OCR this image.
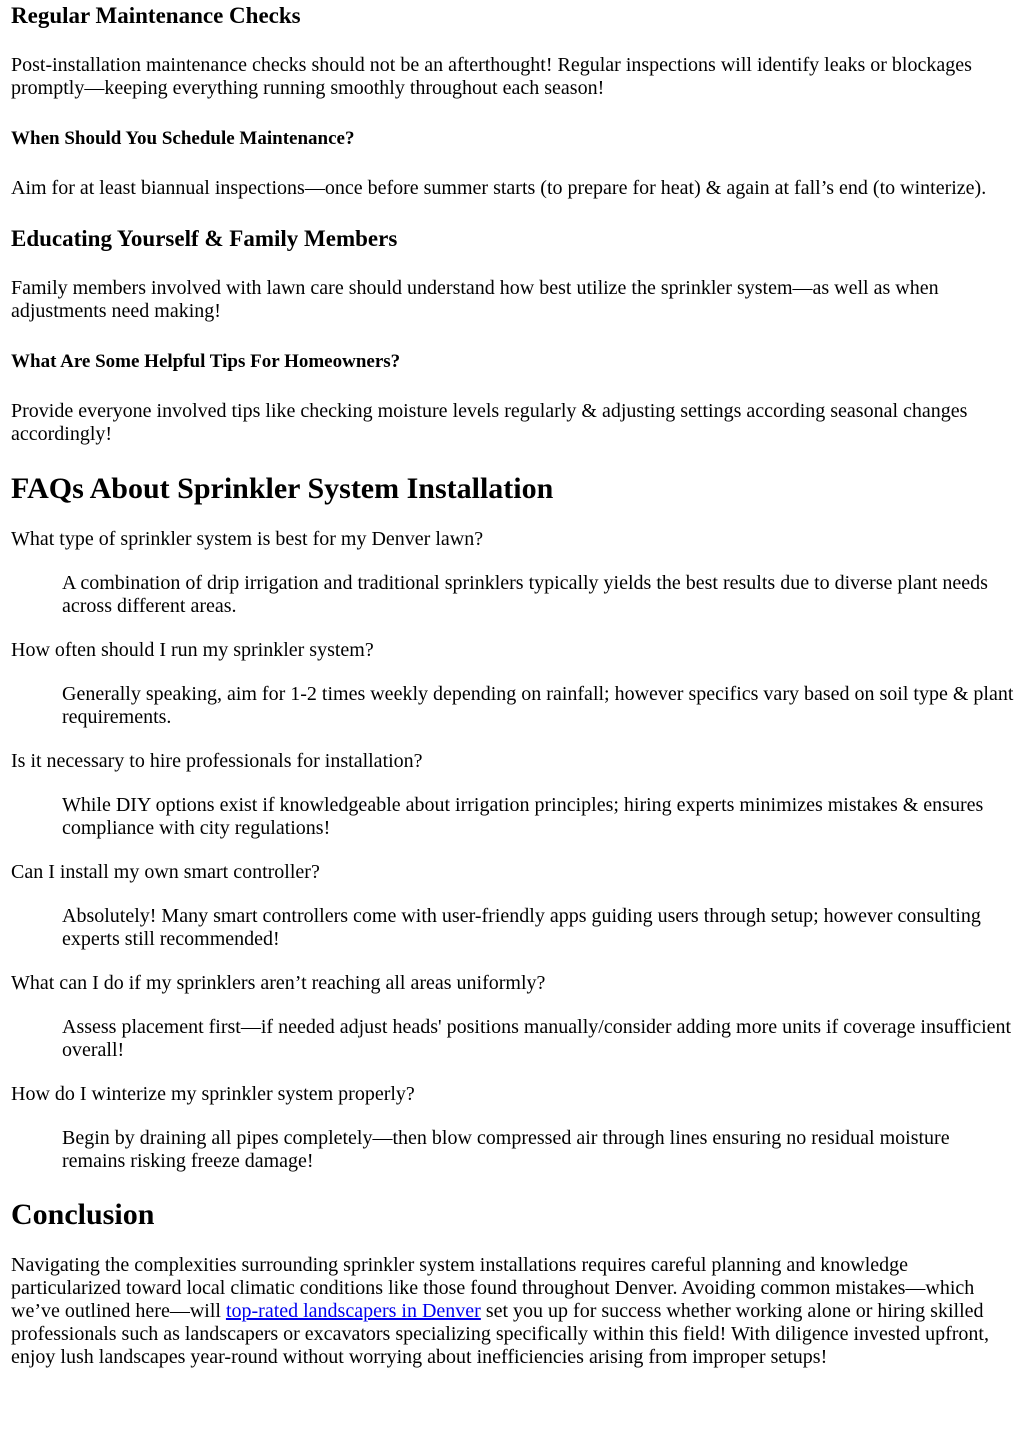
Regular Maintenance Checks

Post-installation maintenance checks should not be an afterthought! Regular inspections will identify leaks or blockages promptly—keeping everything running smoothly throughout each season!

When Should You Schedule Maintenance?

Aim for at least biannual inspections—once before summer starts (to prepare for heat) & again at fall’s end (to winterize).

Educating Yourself & Family Members

Family members involved with lawn care should understand how best utilize the sprinkler system—as well as when adjustments need making!

What Are Some Helpful Tips For Homeowners?

Provide everyone involved tips like checking moisture levels regularly & adjusting settings according seasonal changes accordingly!

FAQs About Sprinkler System Installation
What type of sprinkler system is best for my Denver lawn?
A combination of drip irrigation and traditional sprinklers typically yields the best results due to diverse plant needs across different areas.
How often should I run my sprinkler system?
Generally speaking, aim for 1-2 times weekly depending on rainfall; however specifics vary based on soil type & plant requirements.
Is it necessary to hire professionals for installation?
While DIY options exist if knowledgeable about irrigation principles; hiring experts minimizes mistakes & ensures compliance with city regulations!
Can I install my own smart controller?
Absolutely! Many smart controllers come with user-friendly apps guiding users through setup; however consulting experts still recommended!
What can I do if my sprinklers aren’t reaching all areas uniformly?
Assess placement first—if needed adjust heads' positions manually/consider adding more units if coverage insufficient overall!
How do I winterize my sprinkler system properly?
Begin by draining all pipes completely—then blow compressed air through lines ensuring no residual moisture remains risking freeze damage!
Conclusion

Navigating the complexities surrounding sprinkler system installations requires careful planning and knowledge particularized toward local climatic conditions like those found throughout Denver. Avoiding common mistakes—which we’ve outlined here—will top-rated landscapers in Denver set you up for success whether working alone or hiring skilled professionals such as landscapers or excavators specializing specifically within this field! With diligence invested upfront, enjoy lush landscapes year-round without worrying about inefficiencies arising from improper setups!
